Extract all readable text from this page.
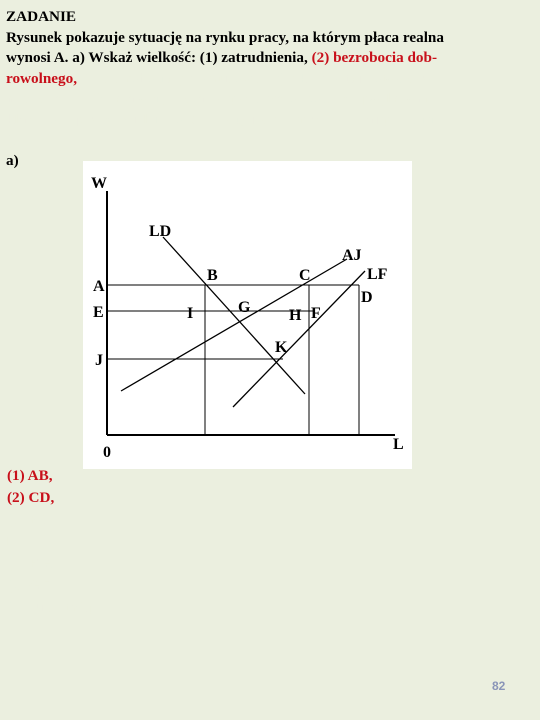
ZADANIE
Rysunek pokazuje sytuację na rynku pracy, na którym płaca realna
wynosi A. a) Wskaż wielkość: (1) zatrudnienia, (2) bezrobocia dob-
rowolnego, (3) bezrobocia przymusowego (wykorzystaj gotowe oz-
naczenia). b) Okazało się, że ta gospodarka odpowiada poglądom
klasyków sprzed Wielkiego Kryzysu; jeszcze raz wykonaj polecenie
(a).
a)
W
L
0
A
E
J
LD
AJ
LF
D
B	C
G
I	H F
K
(1) AB,
(2) CD,
(3) BC.
b)
(1) EG,
(2) GF,
(3) Nie istnieje.
82
